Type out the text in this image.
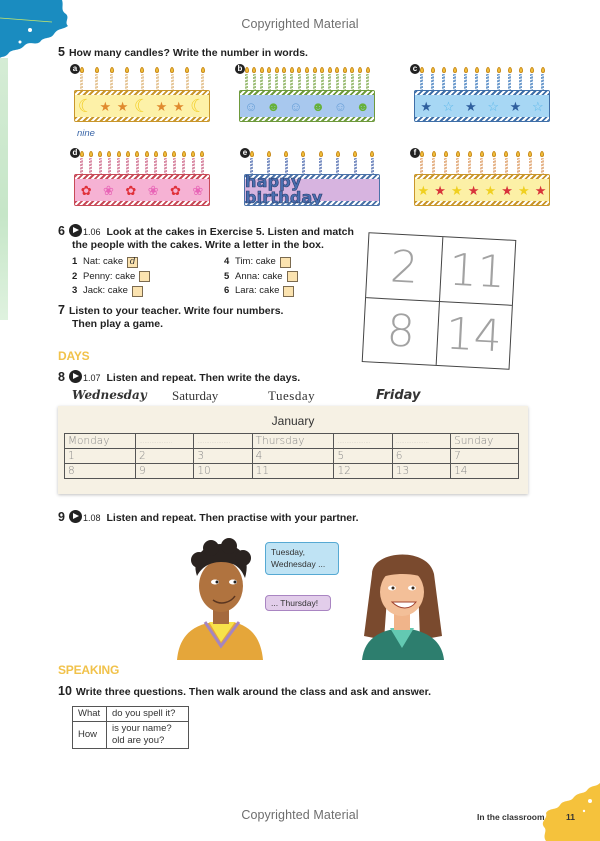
Copyrighted Material
5 How many candles? Write the number in words.
a
☾ ★ ★ ☾ ★ ★ ☾
b
☺ ☻ ☺ ☻ ☺ ☻
c
★ ☆ ★ ☆ ★ ☆
d
✿ ❀ ✿ ❀ ✿ ❀
e
happy birthday
f
★ ★ ★ ★ ★ ★ ★ ★
nine
6 1.06 Look at the cakes in Exercise 5. Listen and match
the people with the cakes. Write a letter in the box.
1 Nat: cake d
2 Penny: cake
3 Jack: cake
4 Tim: cake
5 Anna: cake
6 Lara: cake
7 Listen to your teacher. Write four numbers.
Then play a game.
2 11
8 14
DAYS
8 1.07 Listen and repeat. Then write the days.
Wednesday Saturday	Tuesday	Friday
January
Monday	...................	...................	Thursday	...................	...................	Sunday
1	2	3	4	5	6	7
8	9	10	11	12	13	14
9 1.08 Listen and repeat. Then practise with your partner.
Tuesday,
Wednesday ...
... Thursday!
SPEAKING
10 Write three questions. Then walk around the class and ask and answer.
What	do you spell it?
How	is your name?
old are you?
Copyrighted Material	In the classroom	11
